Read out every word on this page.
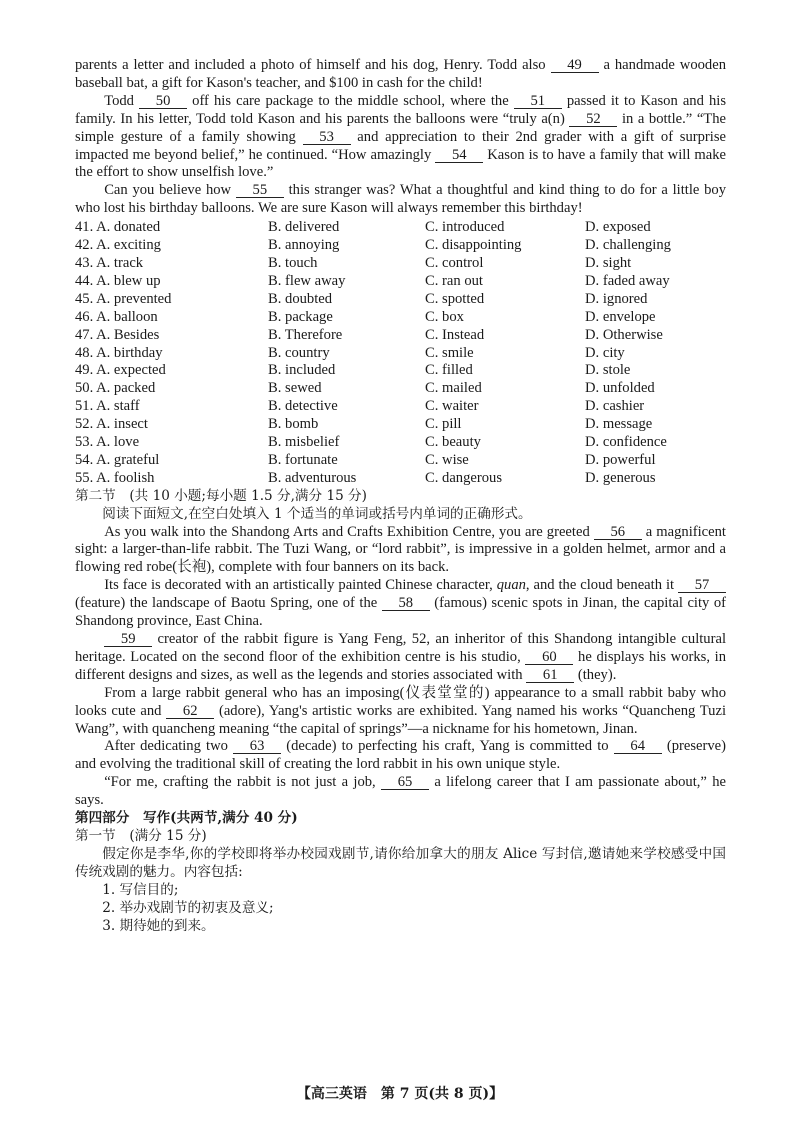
parents a letter and included a photo of himself and his dog, Henry. Todd also 49 a handmade wooden baseball bat, a gift for Kason's teacher, and $100 in cash for the child!

Todd 50 off his care package to the middle school, where the 51 passed it to Kason and his family. In his letter, Todd told Kason and his parents the balloons were “truly a(n) 52 in a bottle.” “The simple gesture of a family showing 53 and appreciation to their 2nd grader with a gift of surprise impacted me beyond belief,” he continued. “How amazingly 54 Kason is to have a family that will make the effort to show unselfish love.”

Can you believe how 55 this stranger was? What a thoughtful and kind thing to do for a little boy who lost his birthday balloons. We are sure Kason will always remember this birthday!

41. A. donated	B. delivered	C. introduced	D. exposed
42. A. exciting	B. annoying	C. disappointing	D. challenging
43. A. track	B. touch	C. control	D. sight
44. A. blew up	B. flew away	C. ran out	D. faded away
45. A. prevented	B. doubted	C. spotted	D. ignored
46. A. balloon	B. package	C. box	D. envelope
47. A. Besides	B. Therefore	C. Instead	D. Otherwise
48. A. birthday	B. country	C. smile	D. city
49. A. expected	B. included	C. filled	D. stole
50. A. packed	B. sewed	C. mailed	D. unfolded
51. A. staff	B. detective	C. waiter	D. cashier
52. A. insect	B. bomb	C. pill	D. message
53. A. love	B. misbelief	C. beauty	D. confidence
54. A. grateful	B. fortunate	C. wise	D. powerful
55. A. foolish	B. adventurous	C. dangerous	D. generous

第二节　(共 10 小题;每小题 1.5 分,满分 15 分)

阅读下面短文,在空白处填入 1 个适当的单词或括号内单词的正确形式。

As you walk into the Shandong Arts and Crafts Exhibition Centre, you are greeted 56 a magnificent sight: a larger-than-life rabbit. The Tuzi Wang, or “lord rabbit”, is impressive in a golden helmet, armor and a flowing red robe(长袍), complete with four banners on its back.

Its face is decorated with an artistically painted Chinese character, quan, and the cloud beneath it 57 (feature) the landscape of Baotu Spring, one of the 58 (famous) scenic spots in Jinan, the capital city of Shandong province, East China.

59 creator of the rabbit figure is Yang Feng, 52, an inheritor of this Shandong intangible cultural heritage. Located on the second floor of the exhibition centre is his studio, 60 he displays his works, in different designs and sizes, as well as the legends and stories associated with 61 (they).

From a large rabbit general who has an imposing(仪表堂堂的) appearance to a small rabbit baby who looks cute and 62 (adore), Yang's artistic works are exhibited. Yang named his works “Quancheng Tuzi Wang”, with quancheng meaning “the capital of springs”—a nickname for his hometown, Jinan.

After dedicating two 63 (decade) to perfecting his craft, Yang is committed to 64 (preserve) and evolving the traditional skill of creating the lord rabbit in his own unique style.

“For me, crafting the rabbit is not just a job, 65 a lifelong career that I am passionate about,” he says.

第四部分　写作(共两节,满分 40 分)

第一节　(满分 15 分)

假定你是李华,你的学校即将举办校园戏剧节,请你给加拿大的朋友 Alice 写封信,邀请她来学校感受中国传统戏剧的魅力。内容包括:

1. 写信目的;

2. 举办戏剧节的初衷及意义;

3. 期待她的到来。

【高三英语　第 7 页(共 8 页)】
